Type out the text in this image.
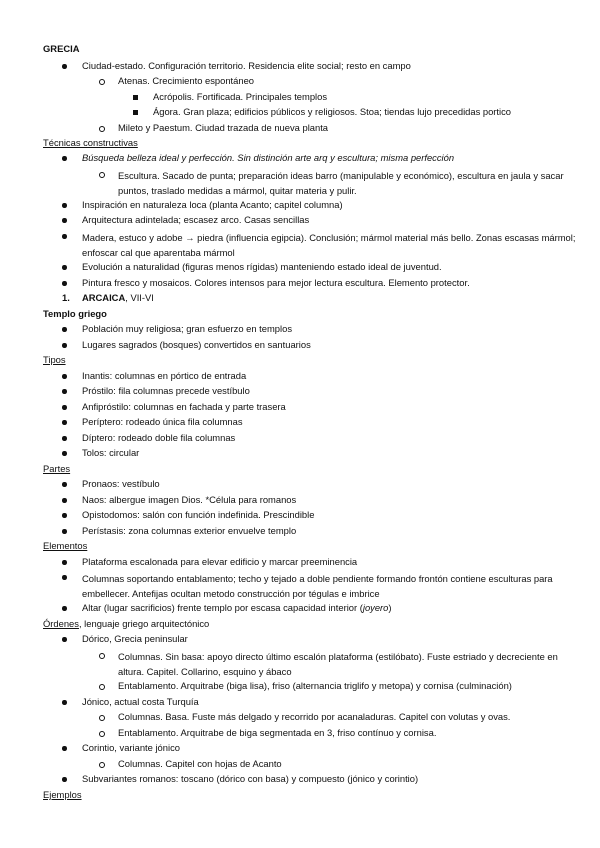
GRECIA
Ciudad-estado. Configuración territorio. Residencia elite social; resto en campo
Atenas. Crecimiento espontáneo
Acrópolis. Fortificada. Principales templos
Ágora. Gran plaza; edificios públicos y religiosos. Stoa; tiendas lujo precedidas portico
Mileto y Paestum. Ciudad trazada de nueva planta
Técnicas constructivas
Búsqueda belleza ideal y perfección. Sin distinción arte arq y escultura; misma perfección
Escultura. Sacado de punta; preparación ideas barro (manipulable y económico), escultura en jaula y sacar puntos, traslado medidas a mármol, quitar materia y pulir.
Inspiración en naturaleza loca (planta Acanto; capitel columna)
Arquitectura adintelada; escasez arco. Casas sencillas
Madera, estuco y adobe → piedra (influencia egipcia). Conclusión; mármol material más bello. Zonas escasas mármol; enfoscar cal que aparentaba mármol
Evolución a naturalidad (figuras menos rígidas) manteniendo estado ideal de juventud.
Pintura fresco y mosaicos. Colores intensos para mejor lectura escultura. Elemento protector.
1. ARCAICA, VII-VI
Templo griego
Población muy religiosa; gran esfuerzo en templos
Lugares sagrados (bosques) convertidos en santuarios
Tipos
Inantis: columnas en pórtico de entrada
Próstilo: fila columnas precede vestíbulo
Anfipróstilo: columnas en fachada y parte trasera
Períptero: rodeado única fila columnas
Díptero: rodeado doble fila columnas
Tolos: circular
Partes
Pronaos: vestíbulo
Naos: albergue imagen Dios. *Célula para romanos
Opistodomos: salón con función indefinida. Prescindible
Perístasis: zona columnas exterior envuelve templo
Elementos
Plataforma escalonada para elevar edificio y marcar preeminencia
Columnas soportando entablamento; techo y tejado a doble pendiente formando frontón contiene esculturas para embellecer. Antefijas ocultan metodo construcción por tégulas e imbrice
Altar (lugar sacrificios) frente templo por escasa capacidad interior (joyero)
Órdenes, lenguaje griego arquitectónico
Dórico, Grecia peninsular
Columnas. Sin basa: apoyo directo último escalón plataforma (estilóbato). Fuste estriado y decreciente en altura. Capitel. Collarino, esquino y ábaco
Entablamento. Arquitrabe (biga lisa), friso (alternancia triglifo y metopa) y cornisa (culminación)
Jónico, actual costa Turquía
Columnas. Basa. Fuste más delgado y recorrido por acanaladuras. Capitel con volutas y ovas.
Entablamento. Arquitrabe de biga segmentada en 3, friso contínuo y cornisa.
Corintio, variante jónico
Columnas. Capitel con hojas de Acanto
Subvariantes romanos: toscano (dórico con basa) y compuesto (jónico y corintio)
Ejemplos
